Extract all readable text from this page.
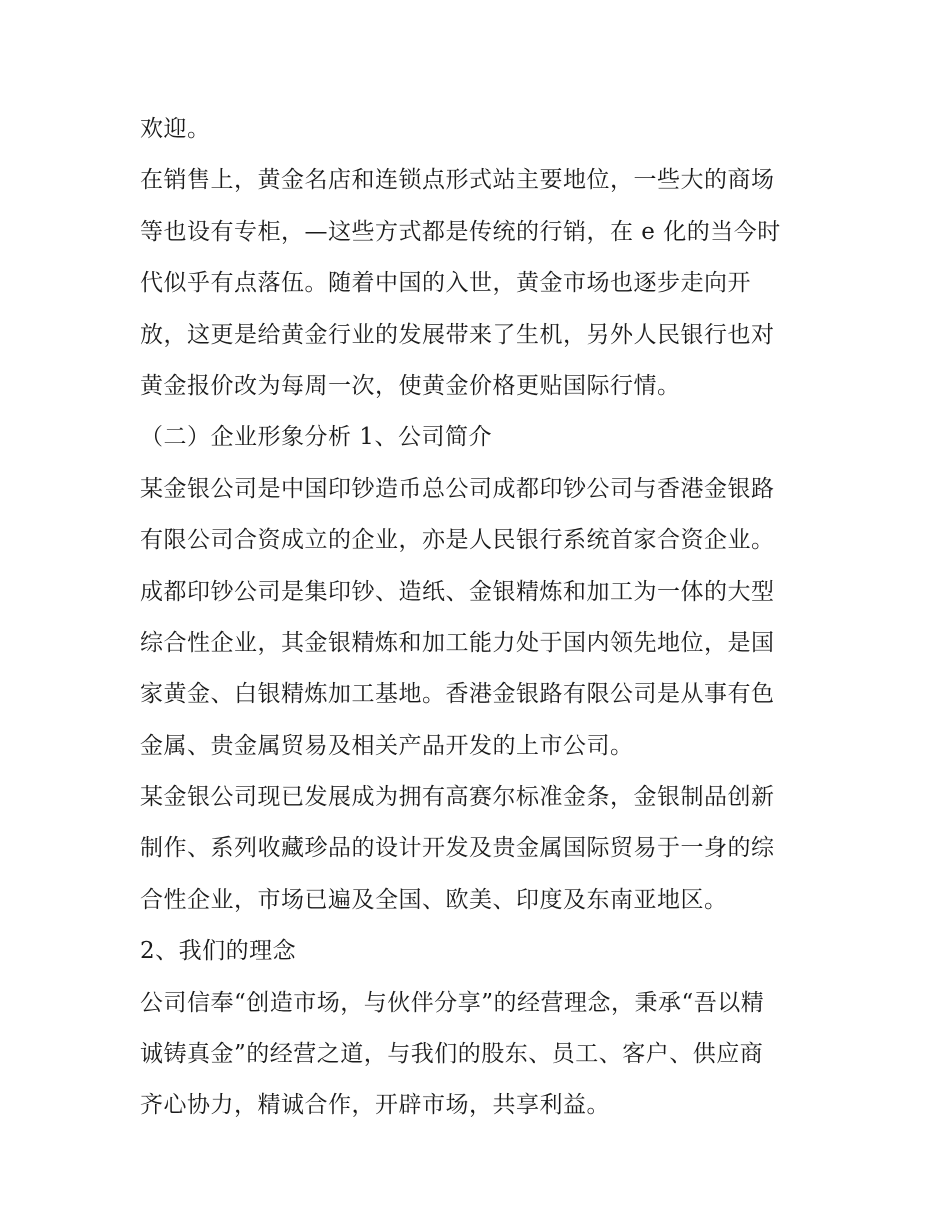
欢迎。

在销售上，黄金名店和连锁点形式站主要地位，一些大的商场
等也设有专柜，—这些方式都是传统的行销，在 e 化的当今时
代似乎有点落伍。随着中国的入世，黄金市场也逐步走向开
放，这更是给黄金行业的发展带来了生机，另外人民银行也对
黄金报价改为每周一次，使黄金价格更贴国际行情。

（二）企业形象分析 1、公司简介

某金银公司是中国印钞造币总公司成都印钞公司与香港金银路
有限公司合资成立的企业，亦是人民银行系统首家合资企业。
成都印钞公司是集印钞、造纸、金银精炼和加工为一体的大型
综合性企业，其金银精炼和加工能力处于国内领先地位，是国
家黄金、白银精炼加工基地。香港金银路有限公司是从事有色
金属、贵金属贸易及相关产品开发的上市公司。

某金银公司现已发展成为拥有高赛尔标准金条，金银制品创新
制作、系列收藏珍品的设计开发及贵金属国际贸易于一身的综
合性企业，市场已遍及全国、欧美、印度及东南亚地区。

2、我们的理念

公司信奉“创造市场，与伙伴分享”的经营理念，秉承“吾以精
诚铸真金”的经营之道，与我们的股东、员工、客户、供应商
齐心协力，精诚合作，开辟市场，共享利益。
